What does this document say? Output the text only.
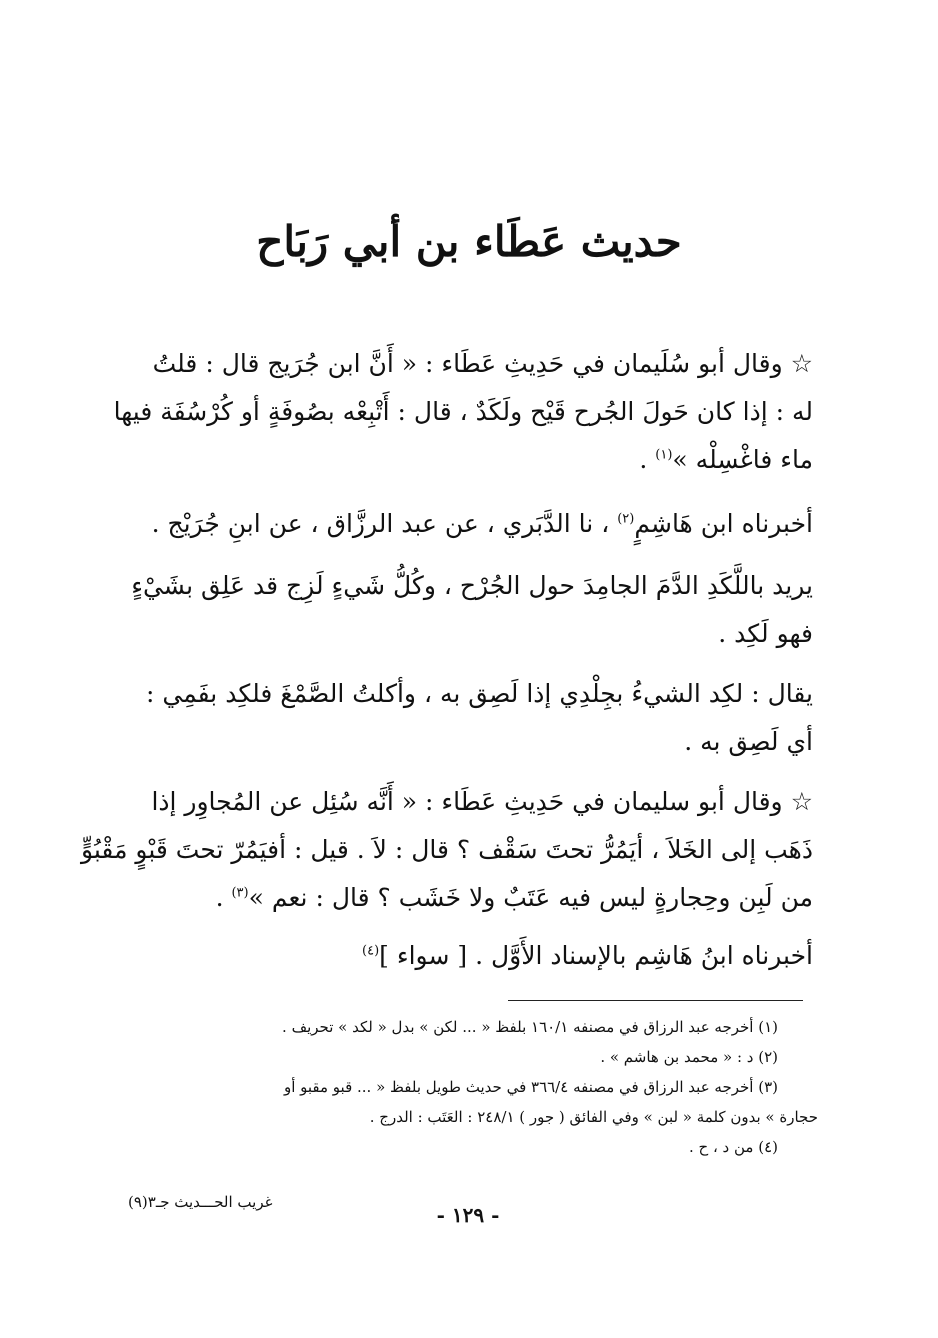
حديث عَطَاء بن أبي رَبَاح
☆ وقال أبو سُلَيمان في حَدِيثِ عَطَاء : « أَنَّ ابن جُرَيج قال : قلتُ
له : إذا كان حَولَ الجُرح قَيْح ولَكَدٌ ، قال : أَتْبِعْه بصُوفَةٍ أو كُرْسُفَة فيها
ماء فاغْسِلْه »$^{(١)}$ .
أخبرناه ابن هَاشِمٍ$^{(٢)}$ ، نا الدَّبَري ، عن عبد الرزَّاق ، عن ابنِ جُرَيْج .
يريد باللَّكَدِ الدَّمَ الجامِدَ حول الجُرْح ، وكُلُّ شَيءٍ لَزِج قد عَلِق بشَيْءٍ
فهو لَكِد .
يقال : لكِد الشيءُ بجِلْدِي إذا لَصِق به ، وأكلتُ الصَّمْغَ فلكِد بفَمِي :
أي لَصِق به .
☆ وقال أبو سليمان في حَدِيثِ عَطَاء : « أَنَّه سُئِل عن المُجاوِر إذا
ذَهَب إلى الخَلاَ ، أيَمُرُّ تحتَ سَقْف ؟ قال : لاَ . قيل : أفيَمُرّ تحتَ قَبْوٍ مَقْبُوٍّ
من لَبِن وحِجارةٍ ليس فيه عَتَبٌ ولا خَشَب ؟ قال : نعم »$^{(٣)}$ .
أخبرناه ابنُ هَاشِم بالإسناد الأَوَّل . [ سواء ]$^{(٤)}$
(١) أخرجه عبد الرزاق في مصنفه ١٦٠/١ بلفظ « ... لكن » بدل « لكد » تحريف .
(٢) د : « محمد بن هاشم » .
(٣) أخرجه عبد الرزاق في مصنفه ٣٦٦/٤ في حديث طويل بلفظ « ... قبو مقبو أو
حجارة » بدون كلمة « لبن » وفي الفائق ( جور ) ٢٤٨/١ : العَتَب : الدرج .
(٤) من د ، ح .
غريب الحـــديث جـ٣(٩)
- ١٢٩ -
